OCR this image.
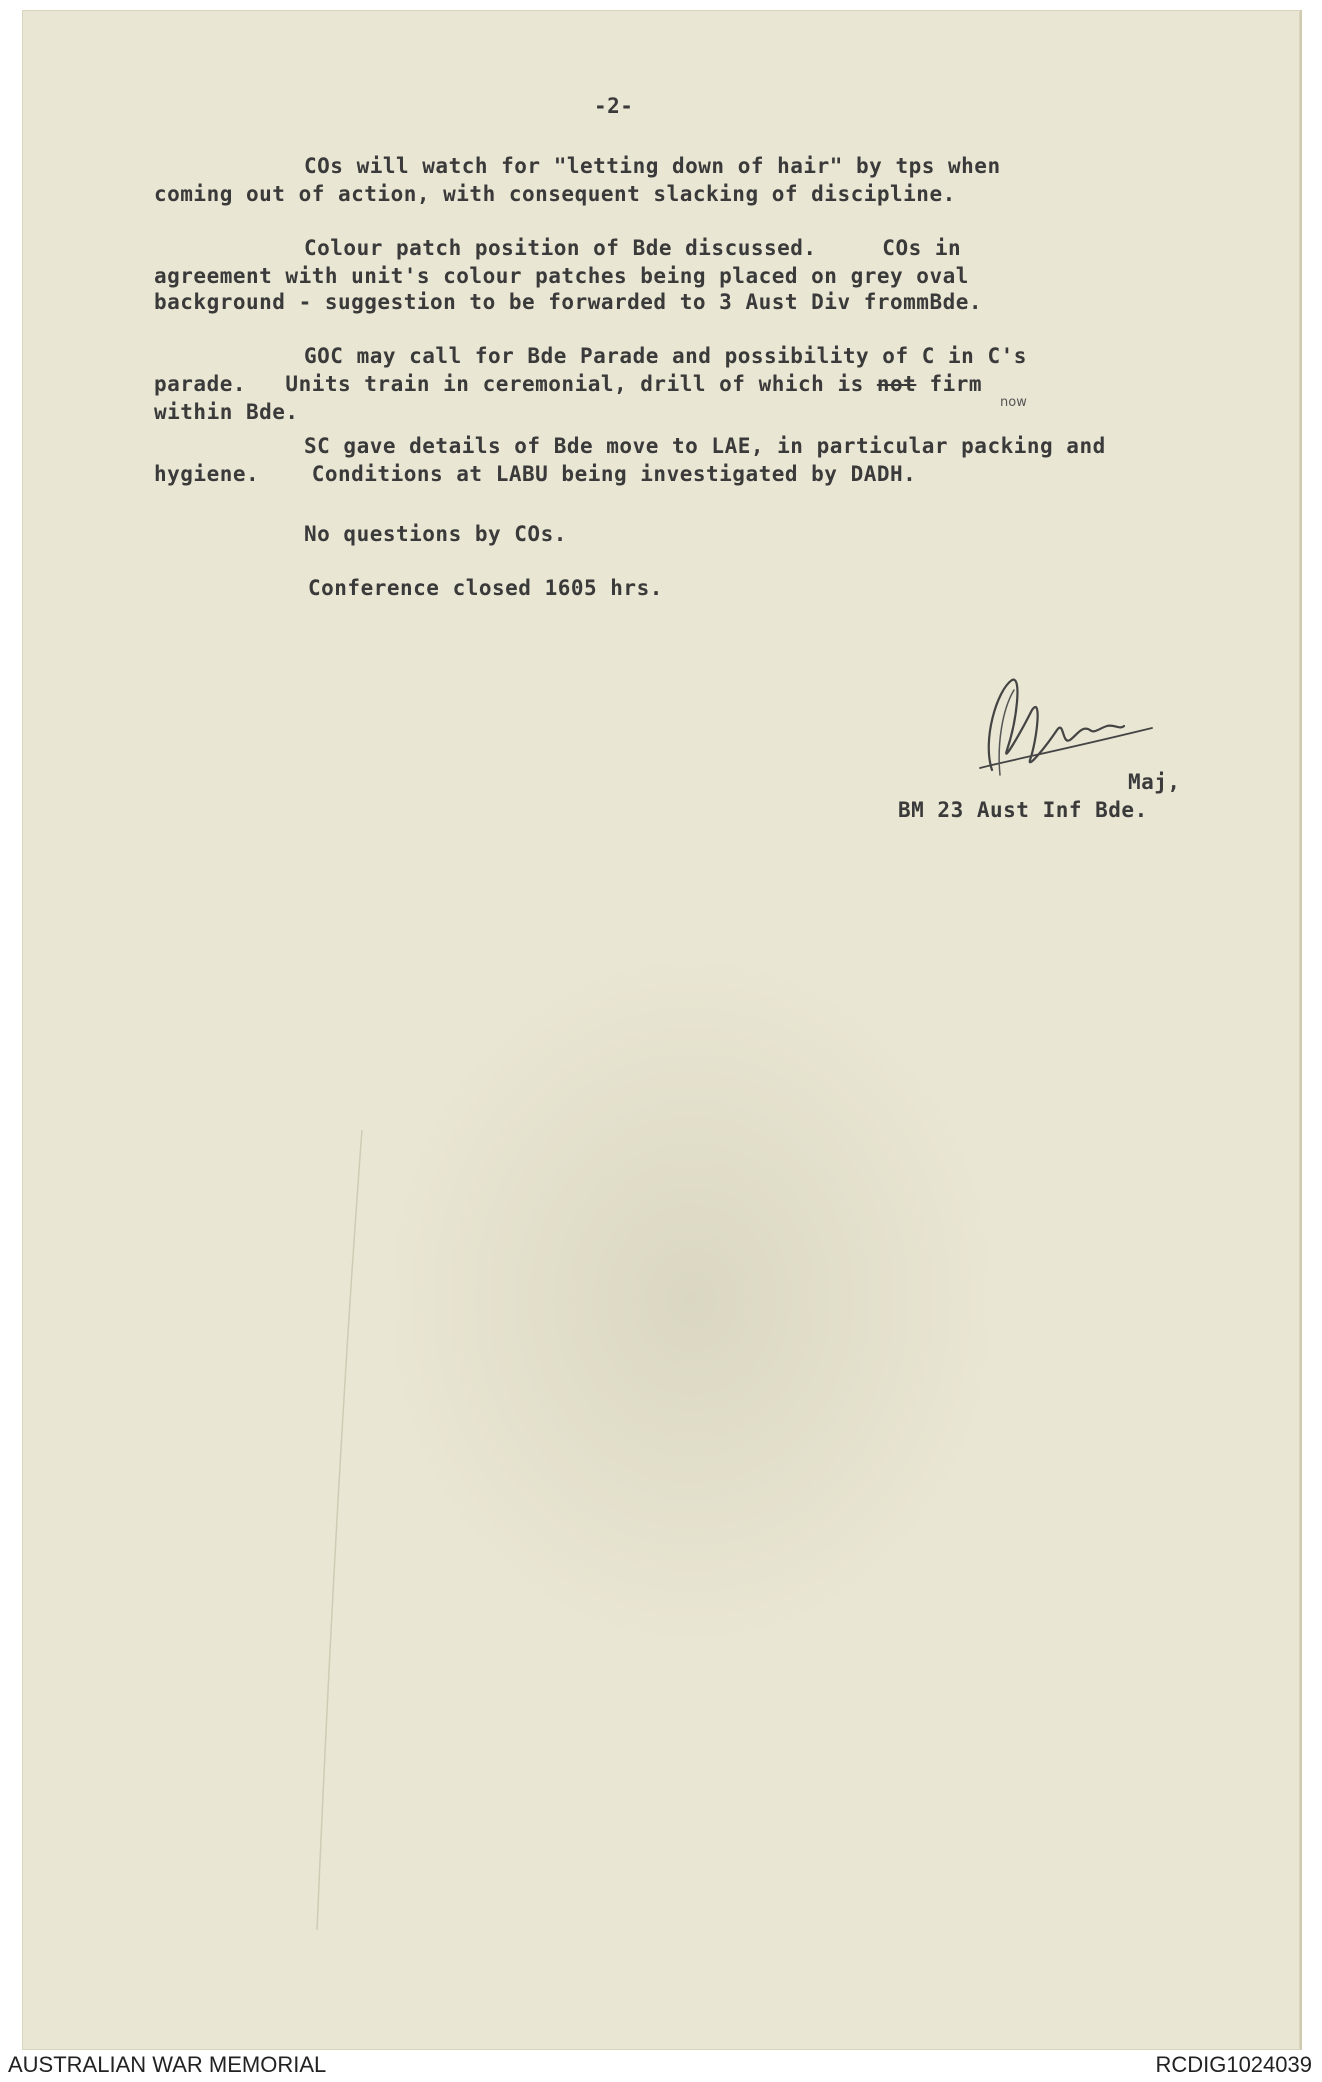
-2-
COs will watch for "letting down of hair" by tps when
coming out of action, with consequent slacking of discipline.
Colour patch position of Bde discussed.     COs in
agreement with unit's colour patches being placed on grey oval
background - suggestion to be forwarded to 3 Aust Div frommBde.
GOC may call for Bde Parade and possibility of C in C's
parade.   Units train in ceremonial, drill of which is not firm
now
within Bde.
SC gave details of Bde move to LAE, in particular packing and
hygiene.    Conditions at LABU being investigated by DADH.
No questions by COs.
Conference closed 1605 hrs.
Maj,
BM 23 Aust Inf Bde.
AUSTRALIAN WAR MEMORIAL	RCDIG1024039
